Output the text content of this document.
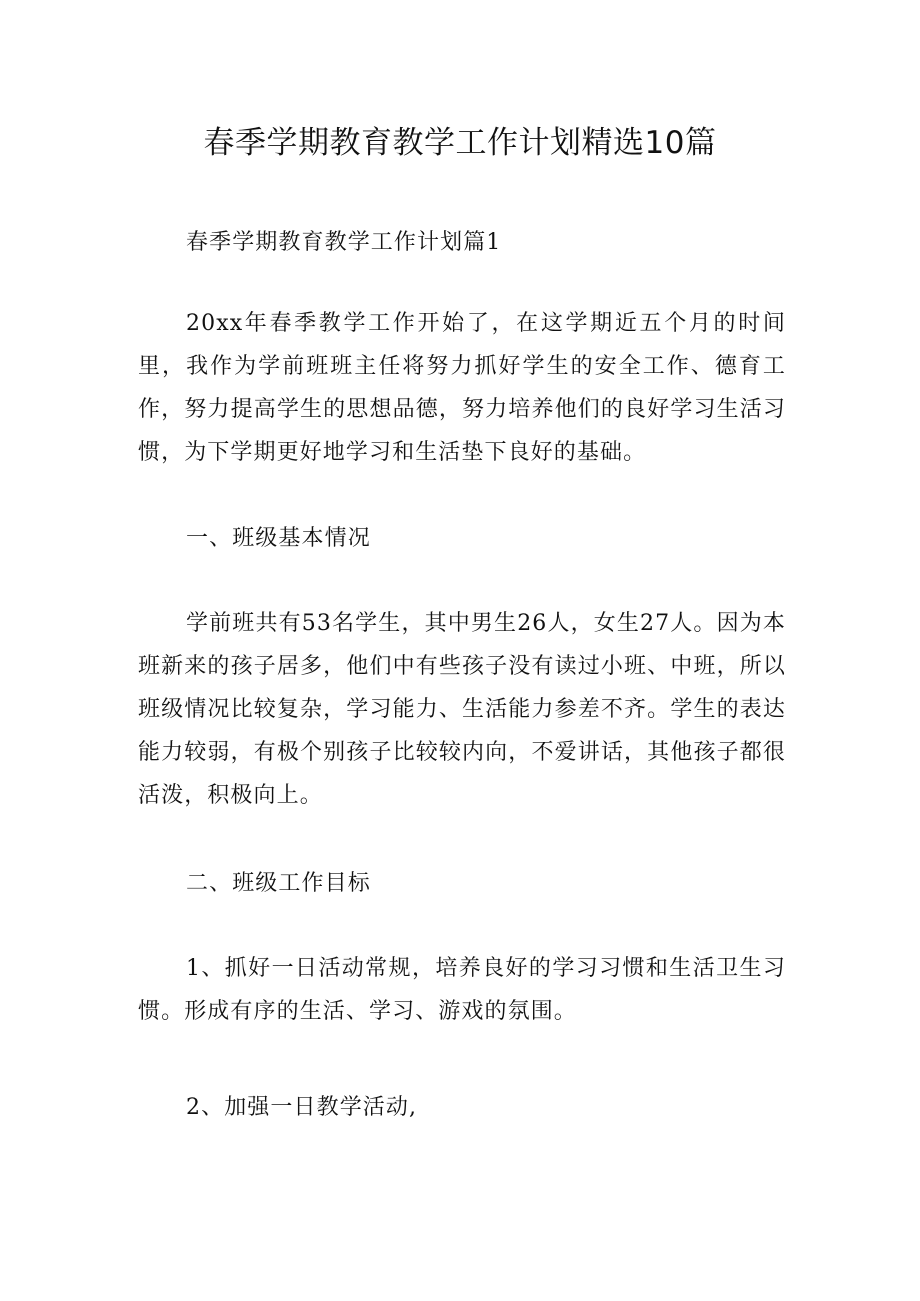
春季学期教育教学工作计划精选10篇

春季学期教育教学工作计划篇1

20xx年春季教学工作开始了，在这学期近五个月的时间里，我作为学前班班主任将努力抓好学生的安全工作、德育工作，努力提高学生的思想品德，努力培养他们的良好学习生活习惯，为下学期更好地学习和生活垫下良好的基础。

一、班级基本情况

学前班共有53名学生，其中男生26人，女生27人。因为本班新来的孩子居多，他们中有些孩子没有读过小班、中班，所以班级情况比较复杂，学习能力、生活能力参差不齐。学生的表达能力较弱，有极个别孩子比较较内向，不爱讲话，其他孩子都很活泼，积极向上。

二、班级工作目标

1、抓好一日活动常规，培养良好的学习习惯和生活卫生习惯。形成有序的生活、学习、游戏的氛围。

2、加强一日教学活动,
